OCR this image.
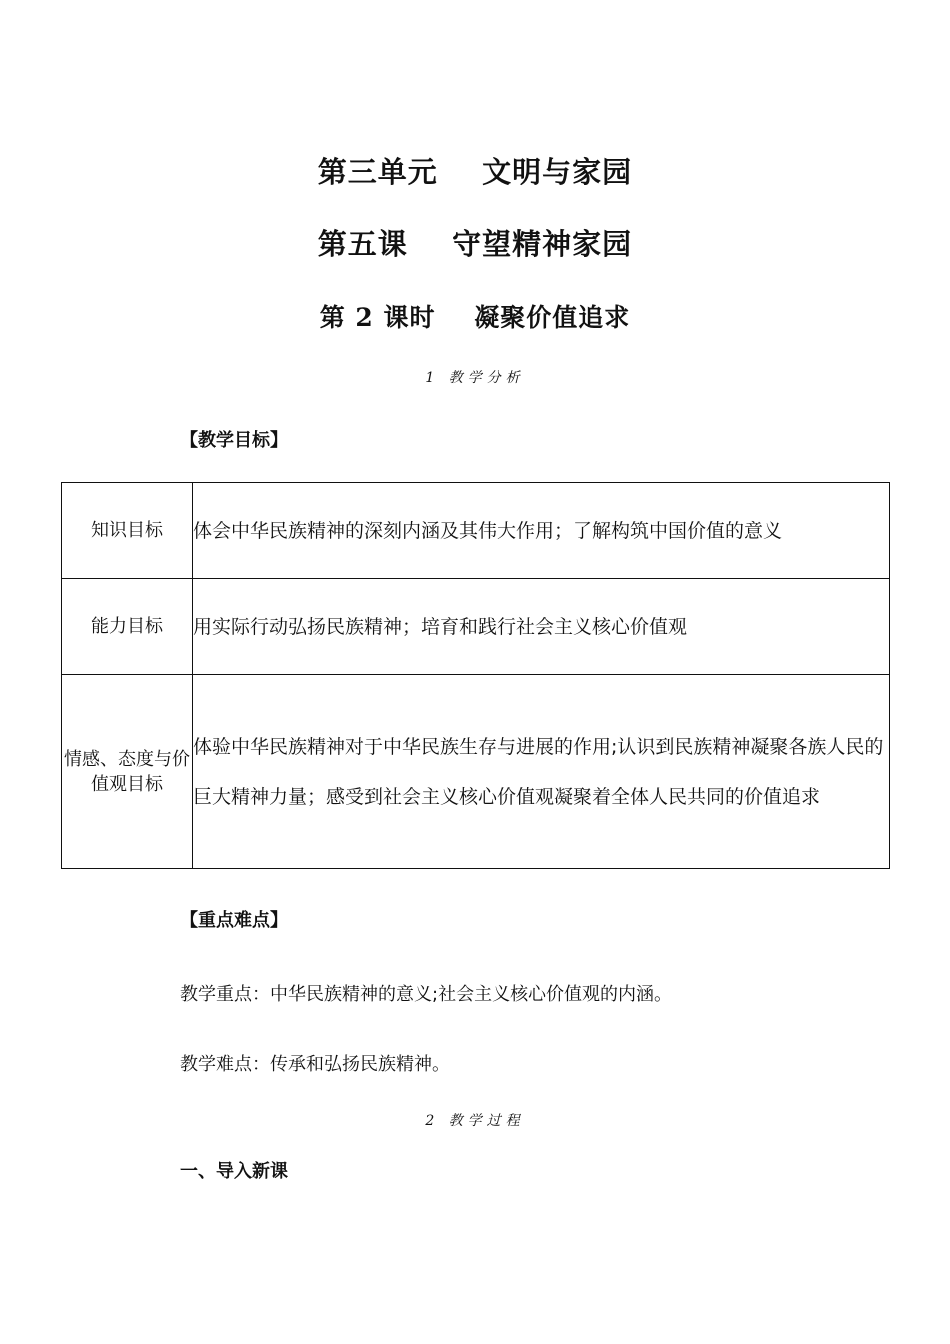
第三单元    文明与家园
第五课    守望精神家园
第 2 课时    凝聚价值追求
1 教学分析
【教学目标】
知识目标	体会中华民族精神的深刻内涵及其伟大作用；了解构筑中国价值的意义
能力目标	用实际行动弘扬民族精神；培育和践行社会主义核心价值观
情感、态度与价值观目标	体验中华民族精神对于中华民族生存与进展的作用;认识到民族精神凝聚各族人民的巨大精神力量；感受到社会主义核心价值观凝聚着全体人民共同的价值追求
【重点难点】
教学重点：中华民族精神的意义;社会主义核心价值观的内涵。
教学难点：传承和弘扬民族精神。
2 教学过程
一、导入新课
